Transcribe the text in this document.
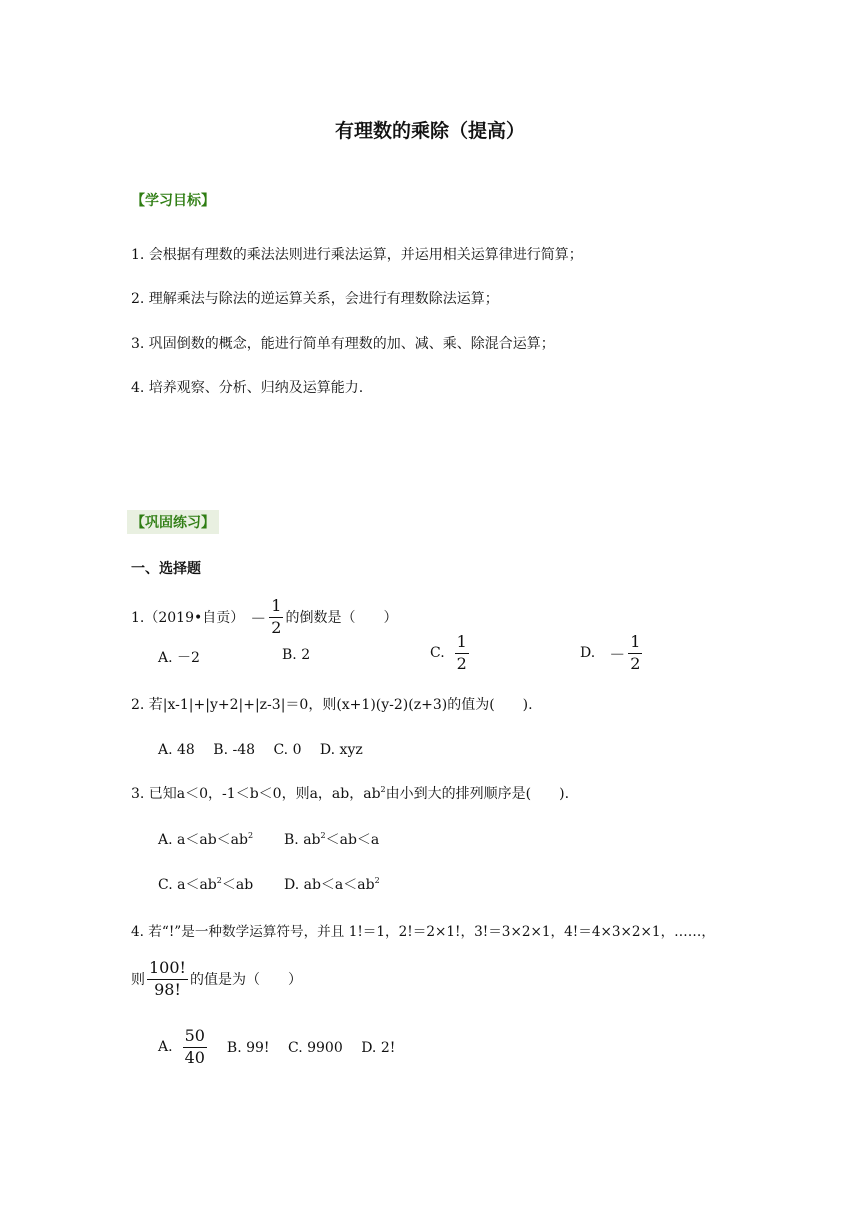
有理数的乘除（提高）
【学习目标】
1. 会根据有理数的乘法法则进行乘法运算，并运用相关运算律进行简算；
2. 理解乘法与除法的逆运算关系，会进行有理数除法运算；
3. 巩固倒数的概念，能进行简单有理数的加、减、乘、除混合运算；
4. 培养观察、分析、归纳及运算能力.
【巩固练习】
一、选择题
1.（2019•自贡） － $\frac{1}{2}$ 的倒数是（　　）
A. －2	B. 2	C. $\frac{1}{2}$	D. － $\frac{1}{2}$
2. 若|x-1|+|y+2|+|z-3|＝0，则(x+1)(y-2)(z+3)的值为(　　).
A. 48　 B. -48　 C. 0　 D. xyz
3. 已知a＜0，-1＜b＜0，则a，ab，$ab^2$由小到大的排列顺序是(　　).
A. $a<ab<ab^2$ B. $ab^2<ab<a$
C. $a<ab^2<ab$ D. $ab<a<ab^2$
4. 若“!”是一种数学运算符号，并且 1!＝1，2!＝2×1!，3!＝3×2×1，4!＝4×3×2×1，……，
则 $\frac{100!}{98!}$ 的值是为（　　）
A. $\frac{50}{40} B$. 99!　 C. 9900　 D. 2!
